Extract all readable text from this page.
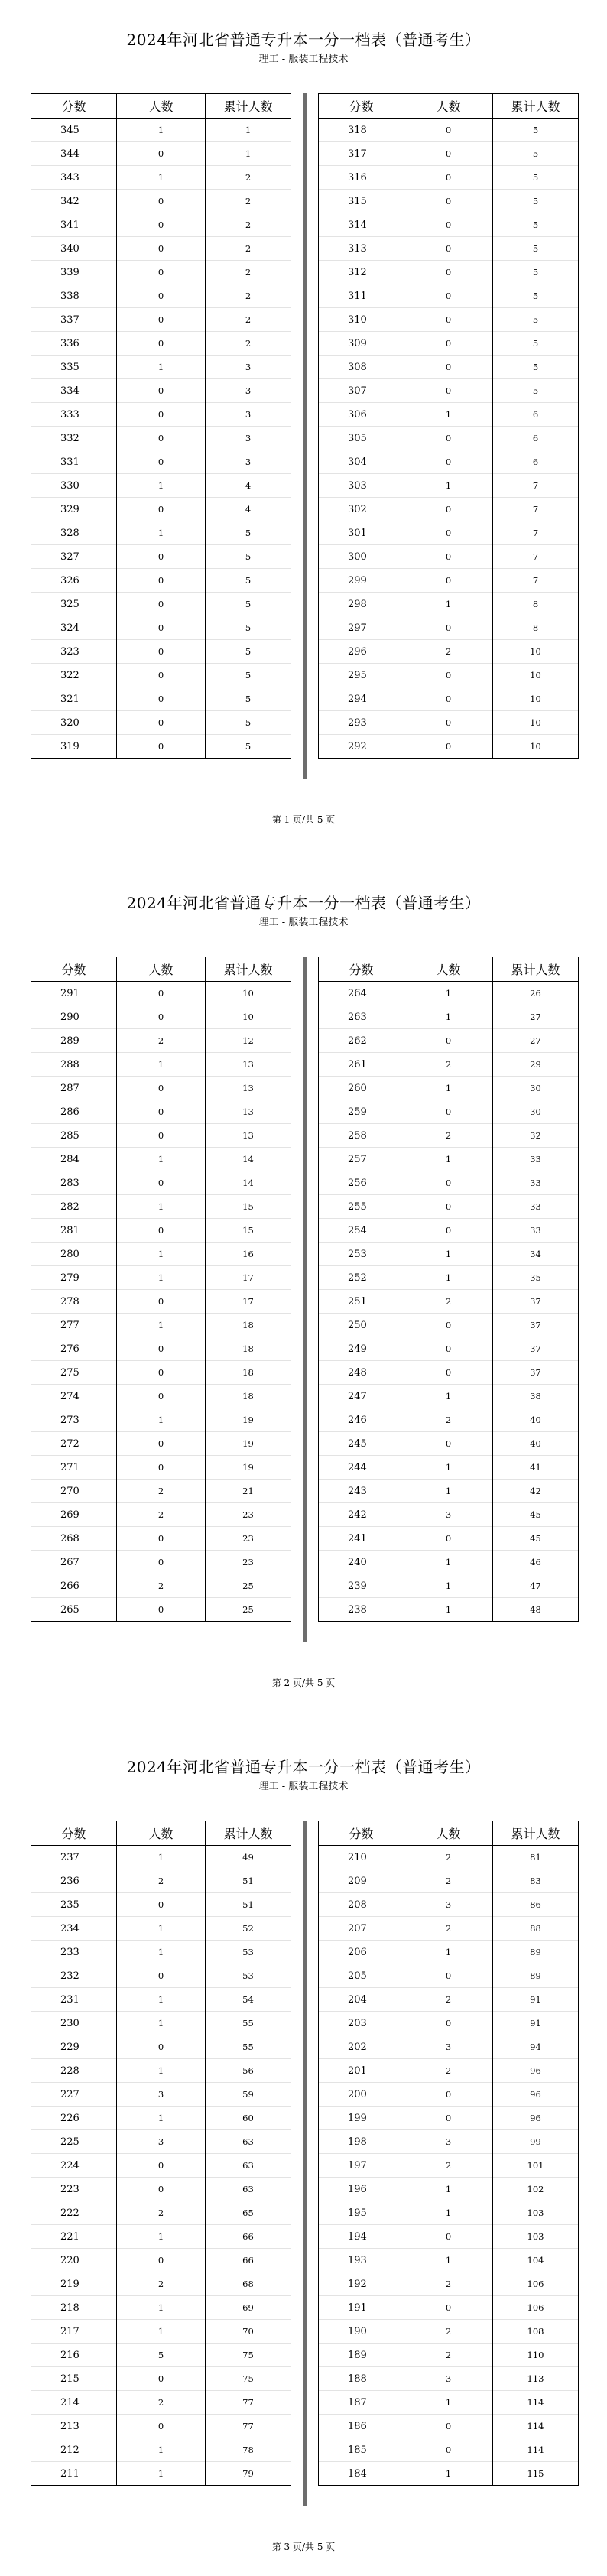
2024年河北省普通专升本一分一档表（普通考生）
理工 - 服装工程技术
分数	人数	累计人数
345	1	1
344	0	1
343	1	2
342	0	2
341	0	2
340	0	2
339	0	2
338	0	2
337	0	2
336	0	2
335	1	3
334	0	3
333	0	3
332	0	3
331	0	3
330	1	4
329	0	4
328	1	5
327	0	5
326	0	5
325	0	5
324	0	5
323	0	5
322	0	5
321	0	5
320	0	5
319	0	5
分数	人数	累计人数
318	0	5
317	0	5
316	0	5
315	0	5
314	0	5
313	0	5
312	0	5
311	0	5
310	0	5
309	0	5
308	0	5
307	0	5
306	1	6
305	0	6
304	0	6
303	1	7
302	0	7
301	0	7
300	0	7
299	0	7
298	1	8
297	0	8
296	2	10
295	0	10
294	0	10
293	0	10
292	0	10
第 1 页/共 5 页
2024年河北省普通专升本一分一档表（普通考生）
理工 - 服装工程技术
分数	人数	累计人数
291	0	10
290	0	10
289	2	12
288	1	13
287	0	13
286	0	13
285	0	13
284	1	14
283	0	14
282	1	15
281	0	15
280	1	16
279	1	17
278	0	17
277	1	18
276	0	18
275	0	18
274	0	18
273	1	19
272	0	19
271	0	19
270	2	21
269	2	23
268	0	23
267	0	23
266	2	25
265	0	25
分数	人数	累计人数
264	1	26
263	1	27
262	0	27
261	2	29
260	1	30
259	0	30
258	2	32
257	1	33
256	0	33
255	0	33
254	0	33
253	1	34
252	1	35
251	2	37
250	0	37
249	0	37
248	0	37
247	1	38
246	2	40
245	0	40
244	1	41
243	1	42
242	3	45
241	0	45
240	1	46
239	1	47
238	1	48
第 2 页/共 5 页
2024年河北省普通专升本一分一档表（普通考生）
理工 - 服装工程技术
分数	人数	累计人数
237	1	49
236	2	51
235	0	51
234	1	52
233	1	53
232	0	53
231	1	54
230	1	55
229	0	55
228	1	56
227	3	59
226	1	60
225	3	63
224	0	63
223	0	63
222	2	65
221	1	66
220	0	66
219	2	68
218	1	69
217	1	70
216	5	75
215	0	75
214	2	77
213	0	77
212	1	78
211	1	79
分数	人数	累计人数
210	2	81
209	2	83
208	3	86
207	2	88
206	1	89
205	0	89
204	2	91
203	0	91
202	3	94
201	2	96
200	0	96
199	0	96
198	3	99
197	2	101
196	1	102
195	1	103
194	0	103
193	1	104
192	2	106
191	0	106
190	2	108
189	2	110
188	3	113
187	1	114
186	0	114
185	0	114
184	1	115
第 3 页/共 5 页
